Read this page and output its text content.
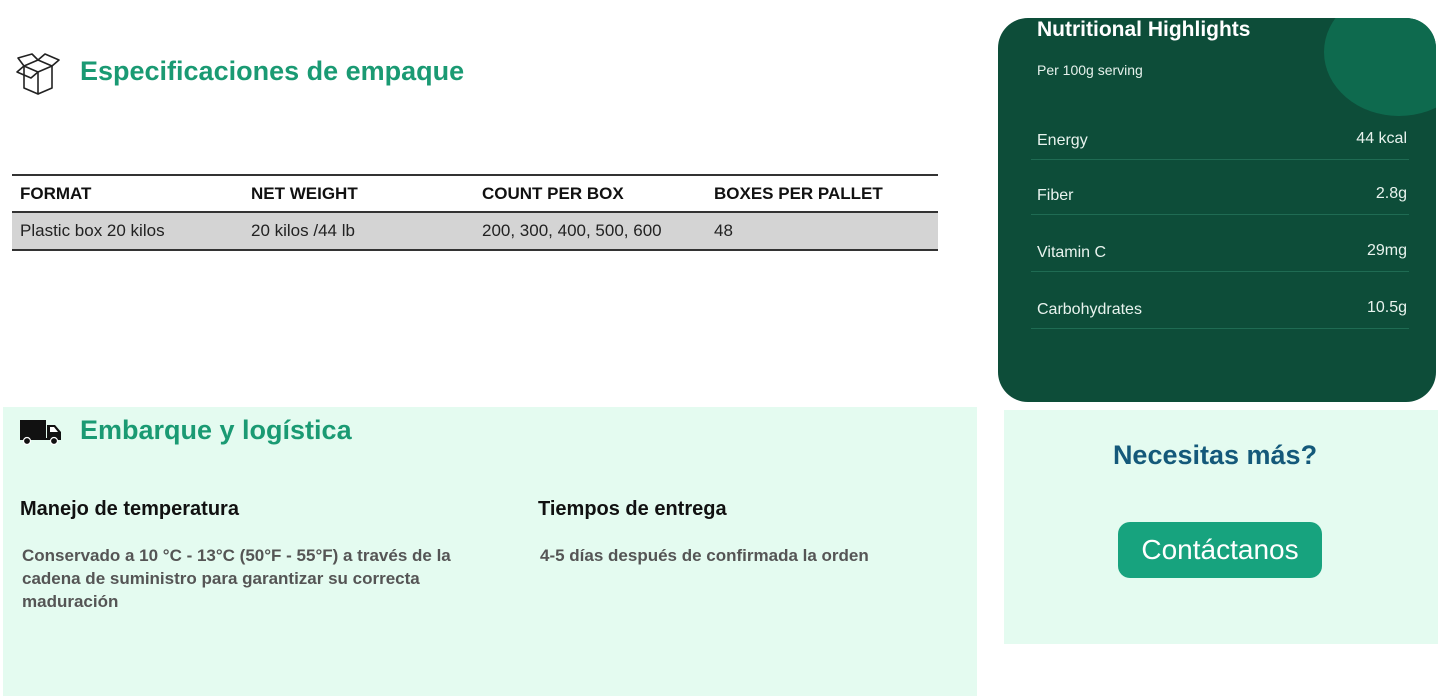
Especificaciones de empaque
FORMAT	NET WEIGHT	COUNT PER BOX	BOXES PER PALLET
Plastic box 20 kilos	20 kilos /44 lb	200, 300, 400, 500, 600	48
Nutritional Highlights
Per 100g serving
Energy	44 kcal
Fiber	2.8g
Vitamin C	29mg
Carbohydrates	10.5g
Embarque y logística
Manejo de temperatura
Conservado a 10 °C - 13°C (50°F - 55°F) a través de la cadena de suministro para garantizar su correcta maduración
Tiempos de entrega
4-5 días después de confirmada la orden
Necesitas más?
Contáctanos
